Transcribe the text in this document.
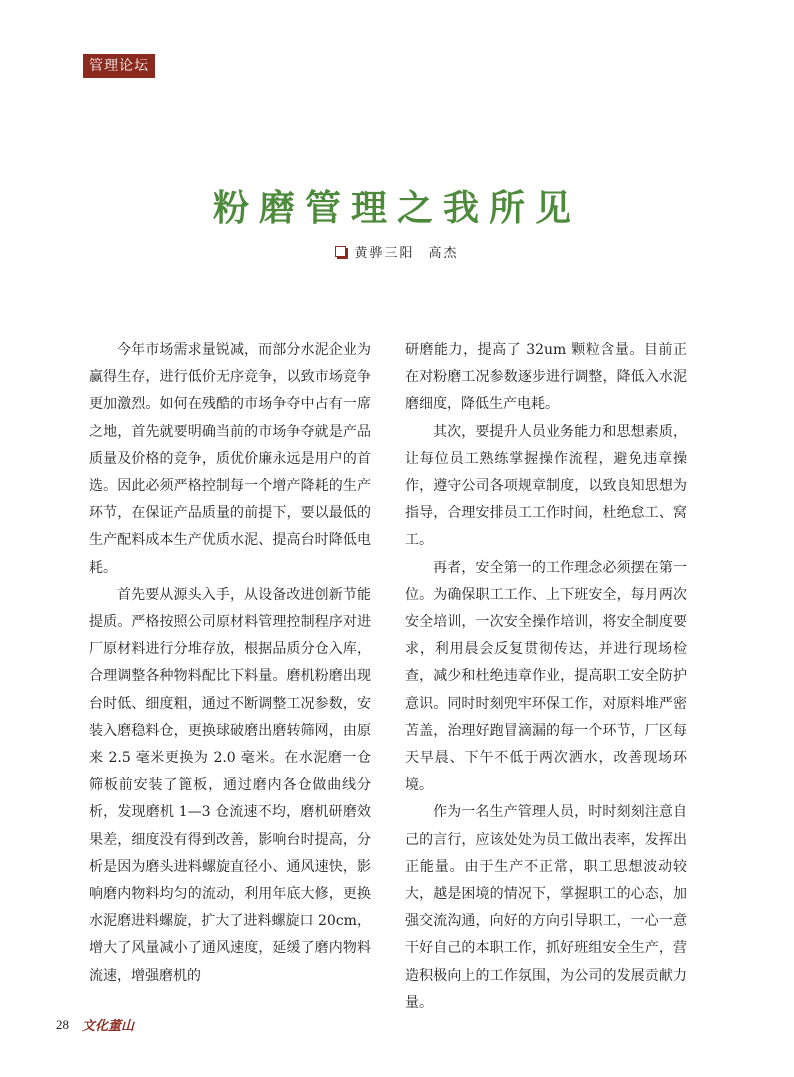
管理论坛
粉磨管理之我所见
黄骅三阳 高杰

今年市场需求量锐减，而部分水泥企业为赢得生存，进行低价无序竞争，以致市场竞争更加激烈。如何在残酷的市场争夺中占有一席之地，首先就要明确当前的市场争夺就是产品质量及价格的竞争，质优价廉永远是用户的首选。因此必须严格控制每一个增产降耗的生产环节，在保证产品质量的前提下，要以最低的生产配料成本生产优质水泥、提高台时降低电耗。

首先要从源头入手，从设备改进创新节能提质。严格按照公司原材料管理控制程序对进厂原材料进行分堆存放，根据品质分仓入库，合理调整各种物料配比下料量。磨机粉磨出现台时低、细度粗，通过不断调整工况参数，安装入磨稳料仓，更换球破磨出磨转筛网，由原来 2.5 毫米更换为 2.0 毫米。在水泥磨一仓筛板前安装了篦板，通过磨内各仓做曲线分析，发现磨机 1—3 仓流速不均，磨机研磨效果差，细度没有得到改善，影响台时提高，分析是因为磨头进料螺旋直径小、通风速快，影响磨内物料均匀的流动，利用年底大修，更换水泥磨进料螺旋，扩大了进料螺旋口 20cm，增大了风量减小了通风速度，延缓了磨内物料流速，增强磨机的

研磨能力，提高了 32um 颗粒含量。目前正在对粉磨工况参数逐步进行调整，降低入水泥磨细度，降低生产电耗。

其次，要提升人员业务能力和思想素质，让每位员工熟练掌握操作流程，避免违章操作，遵守公司各项规章制度，以致良知思想为指导，合理安排员工工作时间，杜绝怠工、窝工。

再者，安全第一的工作理念必须摆在第一位。为确保职工工作、上下班安全，每月两次安全培训，一次安全操作培训，将安全制度要求，利用晨会反复贯彻传达，并进行现场检查，减少和杜绝违章作业，提高职工安全防护意识。同时时刻兜牢环保工作，对原料堆严密苫盖，治理好跑冒滴漏的每一个环节，厂区每天早晨、下午不低于两次洒水，改善现场环境。

作为一名生产管理人员，时时刻刻注意自己的言行，应该处处为员工做出表率，发挥出正能量。由于生产不正常，职工思想波动较大，越是困境的情况下，掌握职工的心态，加强交流沟通，向好的方向引导职工，一心一意干好自己的本职工作，抓好班组安全生产，营造积极向上的工作氛围，为公司的发展贡献力量。

28 文化董山
